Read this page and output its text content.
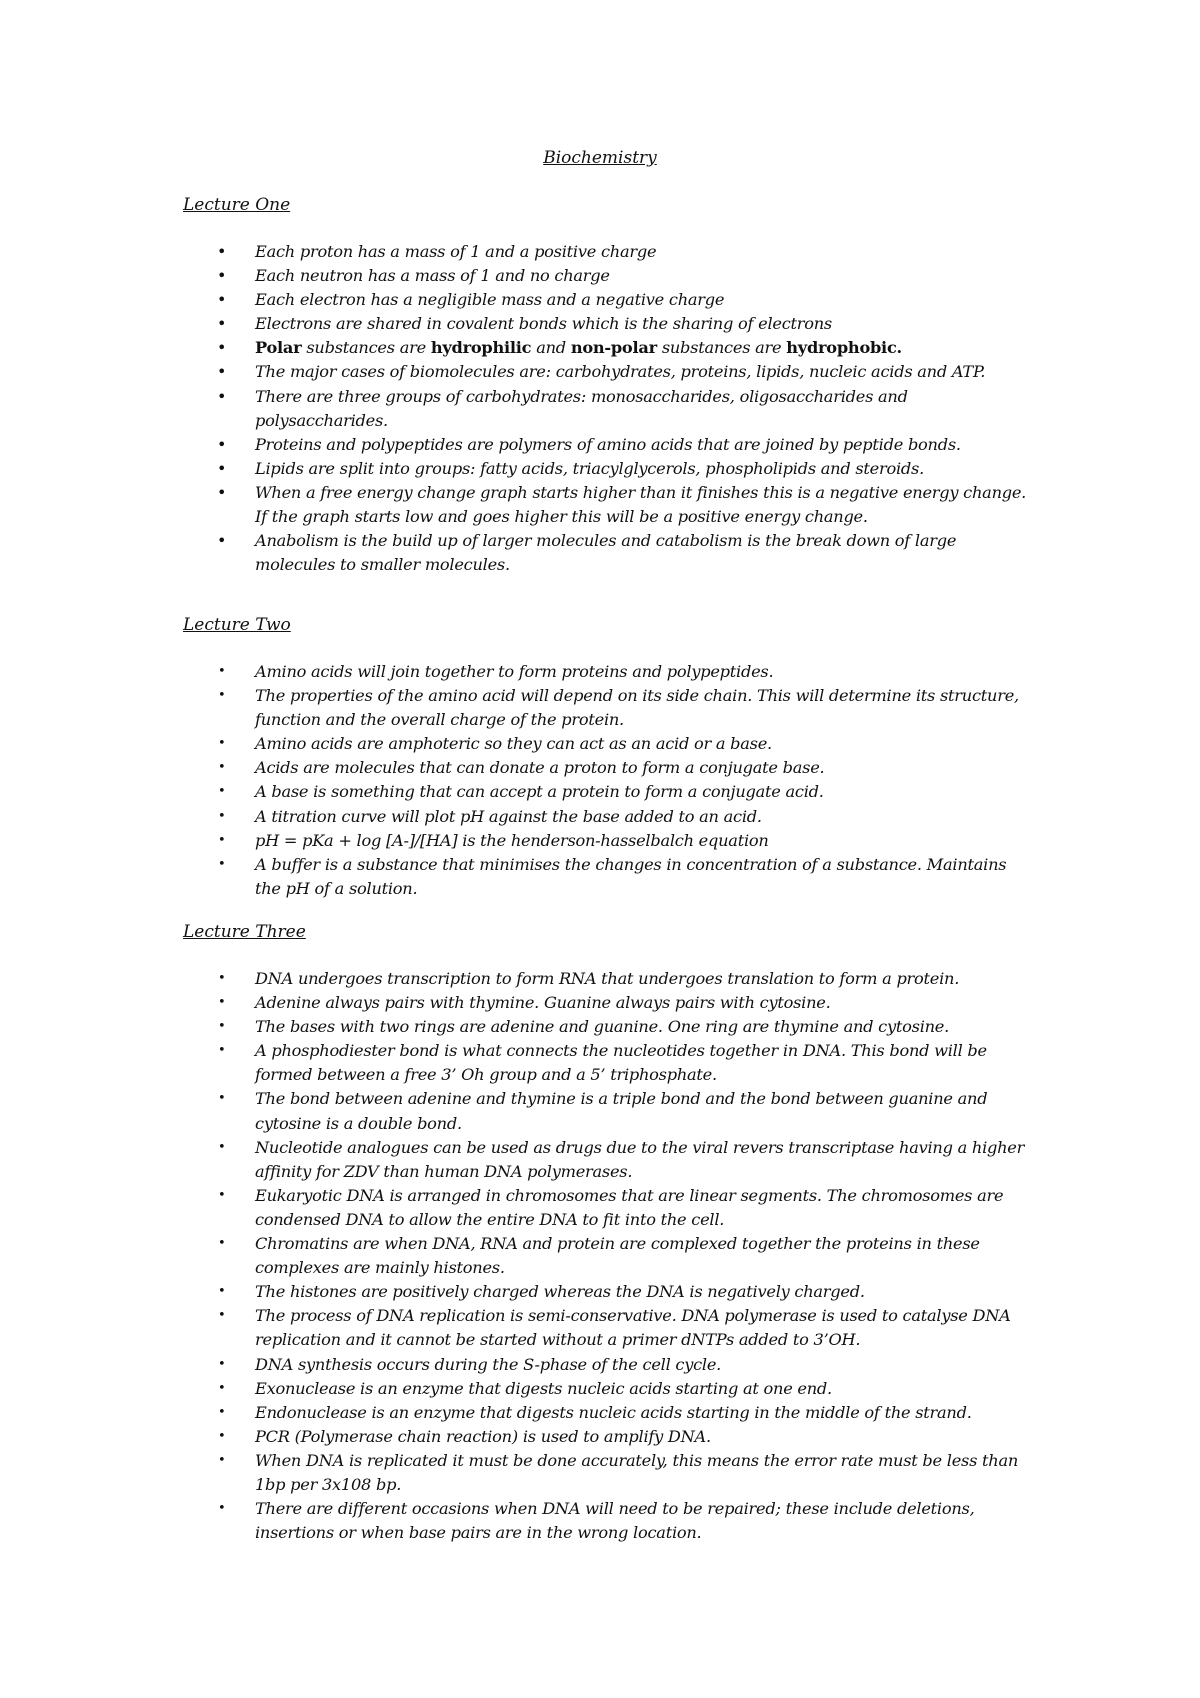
Biochemistry

Lecture One

• Each proton has a mass of 1 and a positive charge
• Each neutron has a mass of 1 and no charge
• Each electron has a negligible mass and a negative charge
• Electrons are shared in covalent bonds which is the sharing of electrons
• Polar substances are hydrophilic and non-polar substances are hydrophobic.
• The major cases of biomolecules are: carbohydrates, proteins, lipids, nucleic acids and ATP.
• There are three groups of carbohydrates: monosaccharides, oligosaccharides and polysaccharides.
• Proteins and polypeptides are polymers of amino acids that are joined by peptide bonds.
• Lipids are split into groups: fatty acids, triacylglycerols, phospholipids and steroids.
• When a free energy change graph starts higher than it finishes this is a negative energy change. If the graph starts low and goes higher this will be a positive energy change.
• Anabolism is the build up of larger molecules and catabolism is the break down of large molecules to smaller molecules.

Lecture Two

• Amino acids will join together to form proteins and polypeptides.
• The properties of the amino acid will depend on its side chain. This will determine its structure, function and the overall charge of the protein.
• Amino acids are amphoteric so they can act as an acid or a base.
• Acids are molecules that can donate a proton to form a conjugate base.
• A base is something that can accept a protein to form a conjugate acid.
• A titration curve will plot pH against the base added to an acid.
• pH = pKa + log [A-]/[HA] is the henderson-hasselbalch equation
• A buffer is a substance that minimises the changes in concentration of a substance. Maintains the pH of a solution.

Lecture Three

• DNA undergoes transcription to form RNA that undergoes translation to form a protein.
• Adenine always pairs with thymine. Guanine always pairs with cytosine.
• The bases with two rings are adenine and guanine. One ring are thymine and cytosine.
• A phosphodiester bond is what connects the nucleotides together in DNA. This bond will be formed between a free 3’ Oh group and a 5’ triphosphate.
• The bond between adenine and thymine is a triple bond and the bond between guanine and cytosine is a double bond.
• Nucleotide analogues can be used as drugs due to the viral revers transcriptase having a higher affinity for ZDV than human DNA polymerases.
• Eukaryotic DNA is arranged in chromosomes that are linear segments. The chromosomes are condensed DNA to allow the entire DNA to fit into the cell.
• Chromatins are when DNA, RNA and protein are complexed together the proteins in these complexes are mainly histones.
• The histones are positively charged whereas the DNA is negatively charged.
• The process of DNA replication is semi-conservative. DNA polymerase is used to catalyse DNA replication and it cannot be started without a primer dNTPs added to 3’OH.
• DNA synthesis occurs during the S-phase of the cell cycle.
• Exonuclease is an enzyme that digests nucleic acids starting at one end.
• Endonuclease is an enzyme that digests nucleic acids starting in the middle of the strand.
• PCR (Polymerase chain reaction) is used to amplify DNA.
• When DNA is replicated it must be done accurately, this means the error rate must be less than 1bp per 3x108 bp.
• There are different occasions when DNA will need to be repaired; these include deletions, insertions or when base pairs are in the wrong location.
